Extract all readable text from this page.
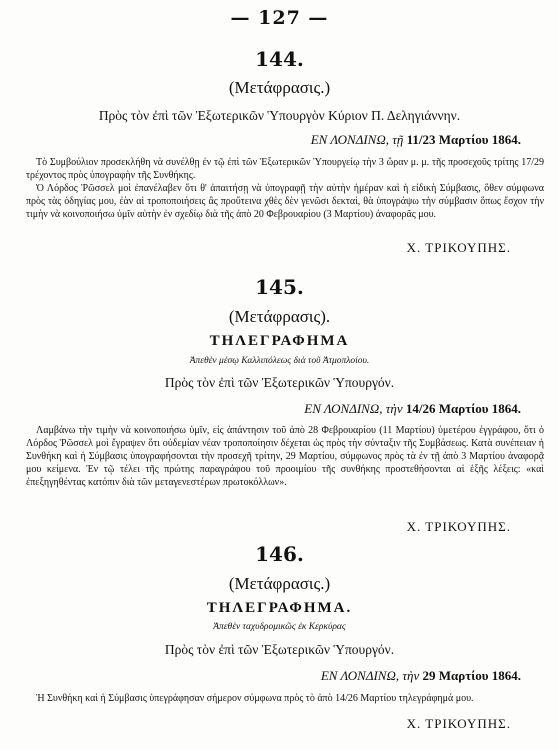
— 127 —
144.
(Μετάφρασις.)
Πρὸς τὸν ἐπὶ τῶν Ἐξωτερικῶν Ὑπουργὸν Κύριον Π. Δεληγιάννην.
ΕΝ ΛΟΝΔΙΝΩ, τῇ 11/23 Μαρτίου 1864.

Τὸ Συμβούλιον προσεκλήθη νὰ συνέλθῃ ἐν τῷ ἐπὶ τῶν Ἐξωτερικῶν Ὑπουργείῳ τὴν 3 ὥραν μ. μ. τῆς προσεχοῦς τρίτης 17/29 τρέχοντος πρὸς ὑπογραφὴν τῆς Συνθήκης.

Ὁ Λόρδος Ῥῶσσελ μοὶ ἐπανέλαβεν ὅτι θ' ἀπαιτήσῃ νὰ ὑπογραφῇ τὴν αὐτὴν ἡμέραν καὶ ἡ εἰδικὴ Σύμβασις, ὅθεν σύμφωνα πρὸς τὰς ὁδηγίας μου, ἐὰν αἱ τροποποιήσεις ἃς προὔτεινα χθὲς δὲν γενῶσι δεκταί, θὰ ὑπογράψω τὴν σύμβασιν ὅπως ἔσχον τὴν τιμὴν νὰ κοινοποιήσω ὑμῖν αὐτὴν ἐν σχεδίῳ διὰ τῆς ἀπὸ 20 Φεβρουαρίου (3 Μαρτίου) ἀναφορᾶς μου.

Χ. ΤΡΙΚΟΥΠΗΣ.
145.
(Μετάφρασις).
ΤΗΛΕΓΡΑΦΗΜΑ
Ἀπεθὲν μέσῳ Καλλιπόλεως διὰ τοῦ Ἀτμοπλοίου.
Πρὸς τὸν ἐπὶ τῶν Ἐξωτερικῶν Ὑπουργόν.
ΕΝ ΛΟΝΔΙΝΩ, τὴν 14/26 Μαρτίου 1864.

Λαμβάνω τὴν τιμὴν νὰ κοινοποιήσω ὑμῖν, εἰς ἀπάντησιν τοῦ ἀπὸ 28 Φεβρουαρίου (11 Μαρτίου) ὑμετέρου ἐγγράφου, ὅτι ὁ Λόρδος Ῥῶσσελ μοὶ ἔγραψεν ὅτι οὐδεμίαν νέαν τροποποίησιν δέχεται ὡς πρὸς τὴν σύνταξιν τῆς Συμβάσεως. Κατὰ συνέπειαν ἡ Συνθήκη καὶ ἡ Σύμβασις ὑπογραφήσονται τὴν προσεχῆ τρίτην, 29 Μαρτίου, σύμφωνος πρὸς τὰ ἐν τῇ ἀπὸ 3 Μαρτίου ἀναφορᾷ μου κείμενα. Ἐν τῷ τέλει τῆς πρώτης παραγράφου τοῦ προοιμίου τῆς συνθήκης προστεθήσονται αἱ ἑξῆς λέξεις: «καὶ ἐπεξηγηθέντας κατόπιν διὰ τῶν μεταγενεστέρων πρωτοκόλλων».

Χ. ΤΡΙΚΟΥΠΗΣ.
146.
(Μετάφρασις.)
ΤΗΛΕΓΡΑΦΗΜΑ.
Ἀπεθὲν ταχυδρομικῶς ἐκ Κερκύρας
Πρὸς τὸν ἐπὶ τῶν Ἐξωτερικῶν Ὑπουργόν.
ΕΝ ΛΟΝΔΙΝΩ, τὴν 29 Μαρτίου 1864.

Ἡ Συνθήκη καὶ ἡ Σύμβασις ὑπεγράφησαν σήμερον σύμφωνα πρὸς τὸ ἀπὸ 14/26 Μαρτίου τηλεγράφημά μου.

Χ. ΤΡΙΚΟΥΠΗΣ.
